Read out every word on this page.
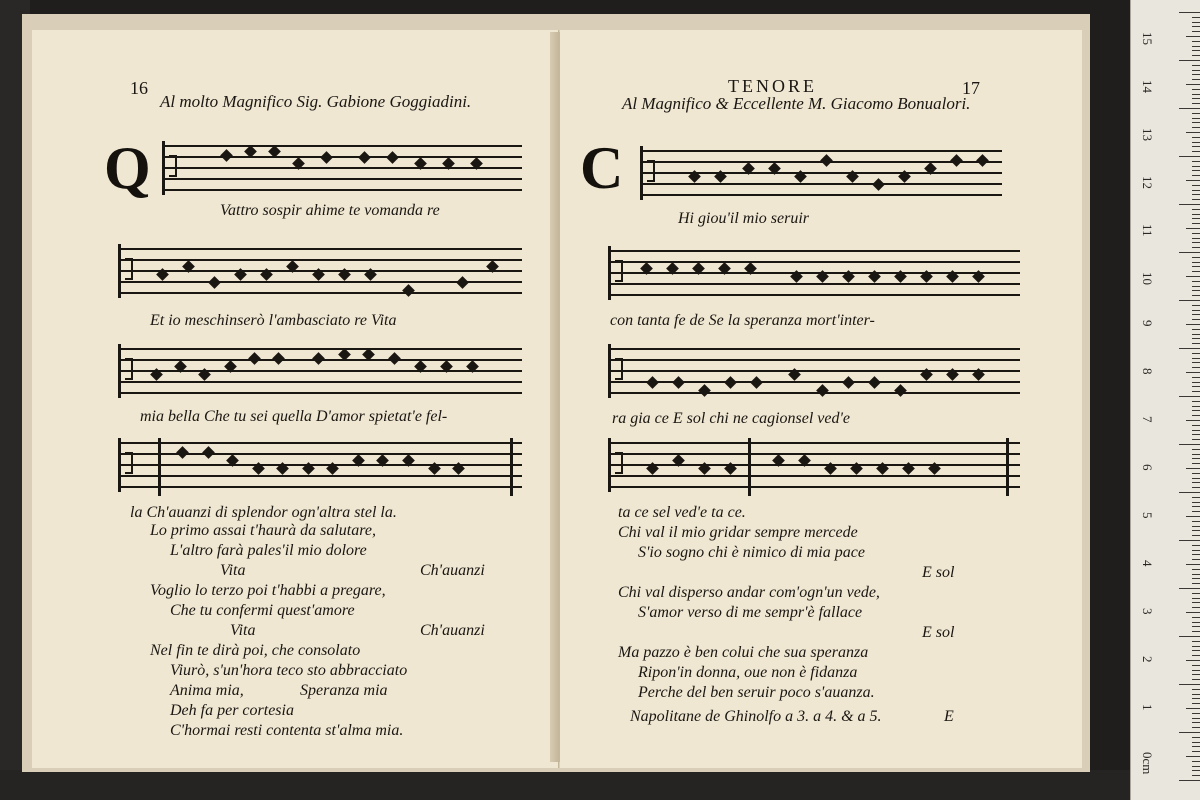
16
Al molto Magnifico Sig. Gabione Goggiadini.
Q
Vattro sospir ahime te vomanda re
Et io meschinserò l'ambasciato re Vita
mia bella Che tu sei quella D'amor spietat'e fel-
la Ch'auanzi di splendor ogn'altra stel la.
Lo primo assai t'haurà da salutare,
L'altro farà pales'il mio dolore
Vita	Ch'auanzi
Voglio lo terzo poi t'habbi a pregare,
Che tu confermi quest'amore
Vita	Ch'auanzi
Nel fin te dirà poi, che consolato
Viurò, s'un'hora teco sto abbracciato
Anima mia,	Speranza mia
Deh fa per cortesia
C'hormai resti contenta st'alma mia.
TENORE	17
Al Magnifico & Eccellente M. Giacomo Bonualori.
C
Hi giou'il mio seruir
con tanta fe de Se la speranza mort'inter-
ra gia ce E sol chi ne cagionsel ved'e
ta ce sel ved'e ta ce.
Chi val il mio gridar sempre mercede
S'io sogno chi è nimico di mia pace
E sol
Chi val disperso andar com'ogn'un vede,
S'amor verso di me sempr'è fallace
E sol
Ma pazzo è ben colui che sua speranza
Ripon'in donna, oue non è fidanza
Perche del ben seruir poco s'auanza.
Napolitane de Ghinolfo a 3. a 4. & a 5.	E
0cm
1
2
3
4
5
6
7
8
9
10
11
12
13
14
15
